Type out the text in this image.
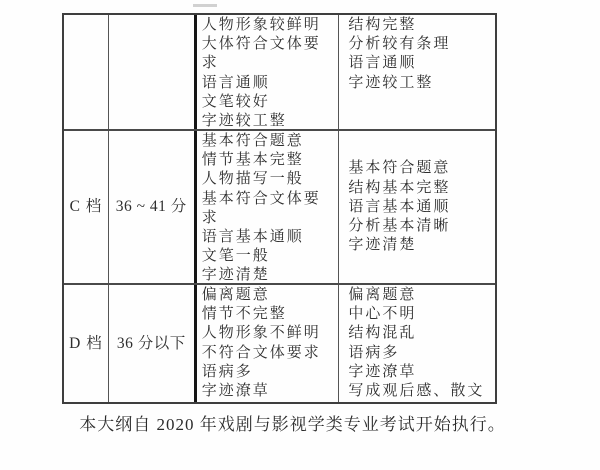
人物形象较鲜明
大体符合文体要
求
语言通顺
文笔较好
字迹较工整
结构完整
分析较有条理
语言通顺
字迹较工整
C 档 36 ~ 41 分
基本符合题意
情节基本完整
人物描写一般
基本符合文体要
求
语言基本通顺
文笔一般
字迹清楚
基本符合题意
结构基本完整
语言基本通顺
分析基本清晰
字迹清楚
D 档 36 分以下
偏离题意
情节不完整
人物形象不鲜明
不符合文体要求
语病多
字迹潦草
偏离题意
中心不明
结构混乱
语病多
字迹潦草
写成观后感、散文
本大纲自 2020 年戏剧与影视学类专业考试开始执行。
